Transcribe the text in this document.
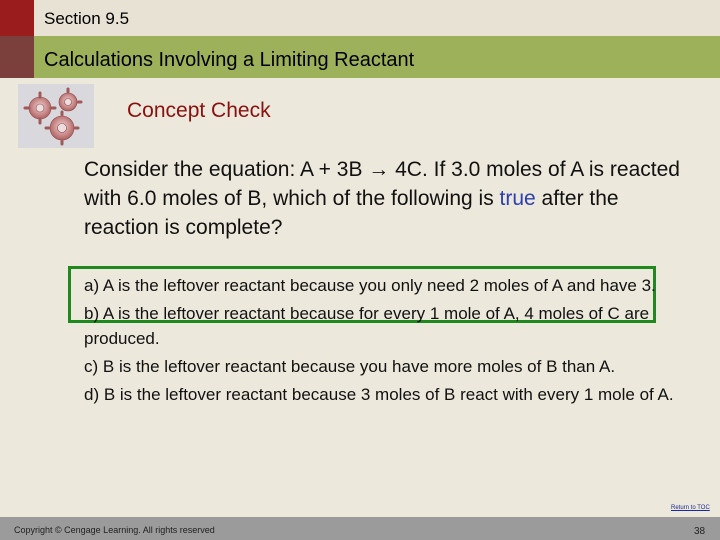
Section 9.5
Calculations Involving a Limiting Reactant
Concept Check
Consider the equation: A + 3B → 4C. If 3.0 moles of A is reacted with 6.0 moles of B, which of the following is true after the reaction is complete?
a) A is the leftover reactant because you only need 2 moles of A and have 3.
b) A is the leftover reactant because for every 1 mole of A, 4 moles of C are produced.
c) B is the leftover reactant because you have more moles of B than A.
d) B is the leftover reactant because 3 moles of B react with every 1 mole of A.
Return to TOC
Copyright © Cengage Learning. All rights reserved	38
